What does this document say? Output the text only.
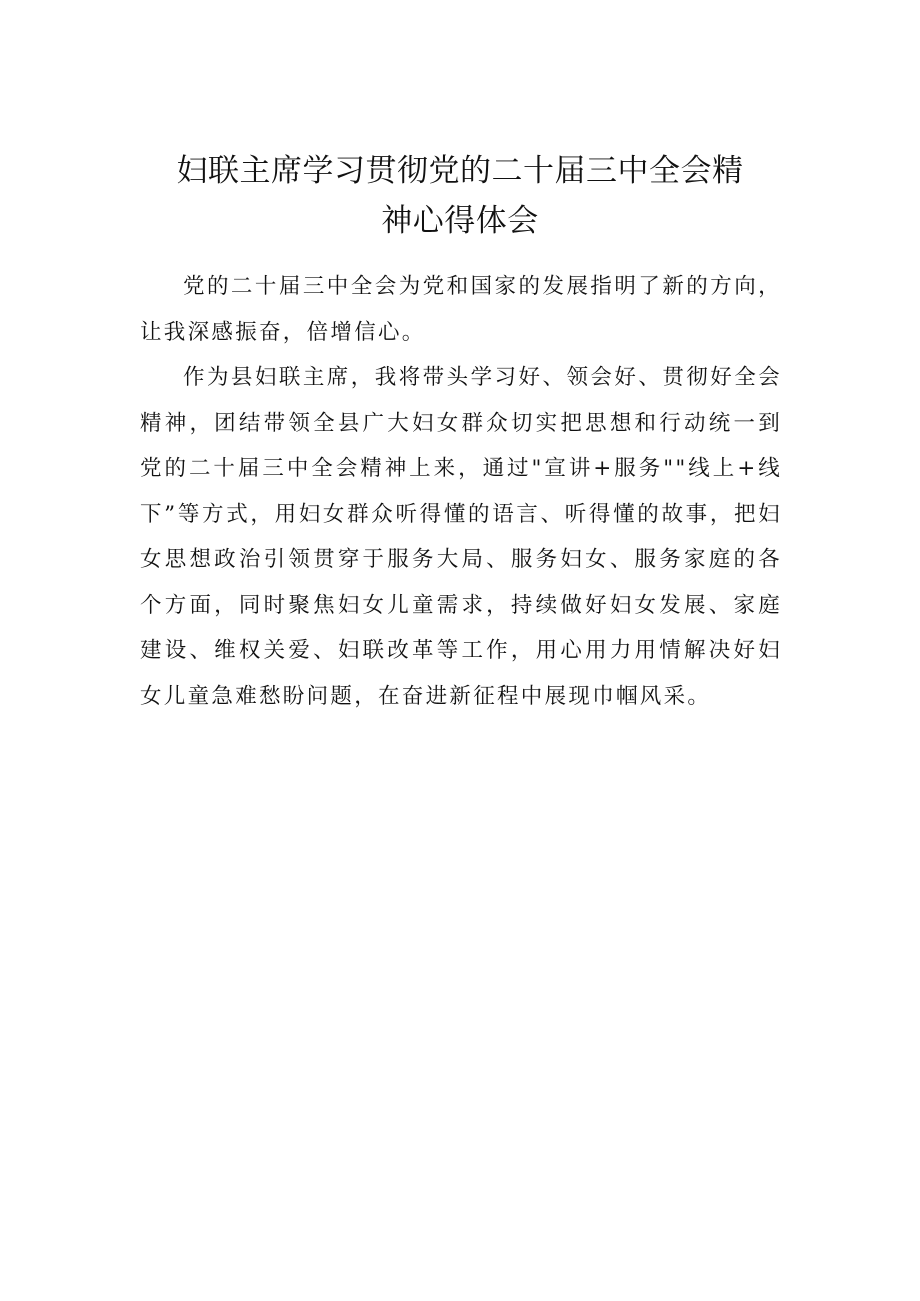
妇联主席学习贯彻党的二十届三中全会精
神心得体会

党的二十届三中全会为党和国家的发展指明了新的方向，让我深感振奋，倍增信心。

作为县妇联主席，我将带头学习好、领会好、贯彻好全会精神，团结带领全县广大妇女群众切实把思想和行动统一到党的二十届三中全会精神上来，通过"宣讲+服务""线上+线下”等方式，用妇女群众听得懂的语言、听得懂的故事，把妇女思想政治引领贯穿于服务大局、服务妇女、服务家庭的各个方面，同时聚焦妇女儿童需求，持续做好妇女发展、家庭建设、维权关爱、妇联改革等工作，用心用力用情解决好妇女儿童急难愁盼问题，在奋进新征程中展现巾帼风采。
